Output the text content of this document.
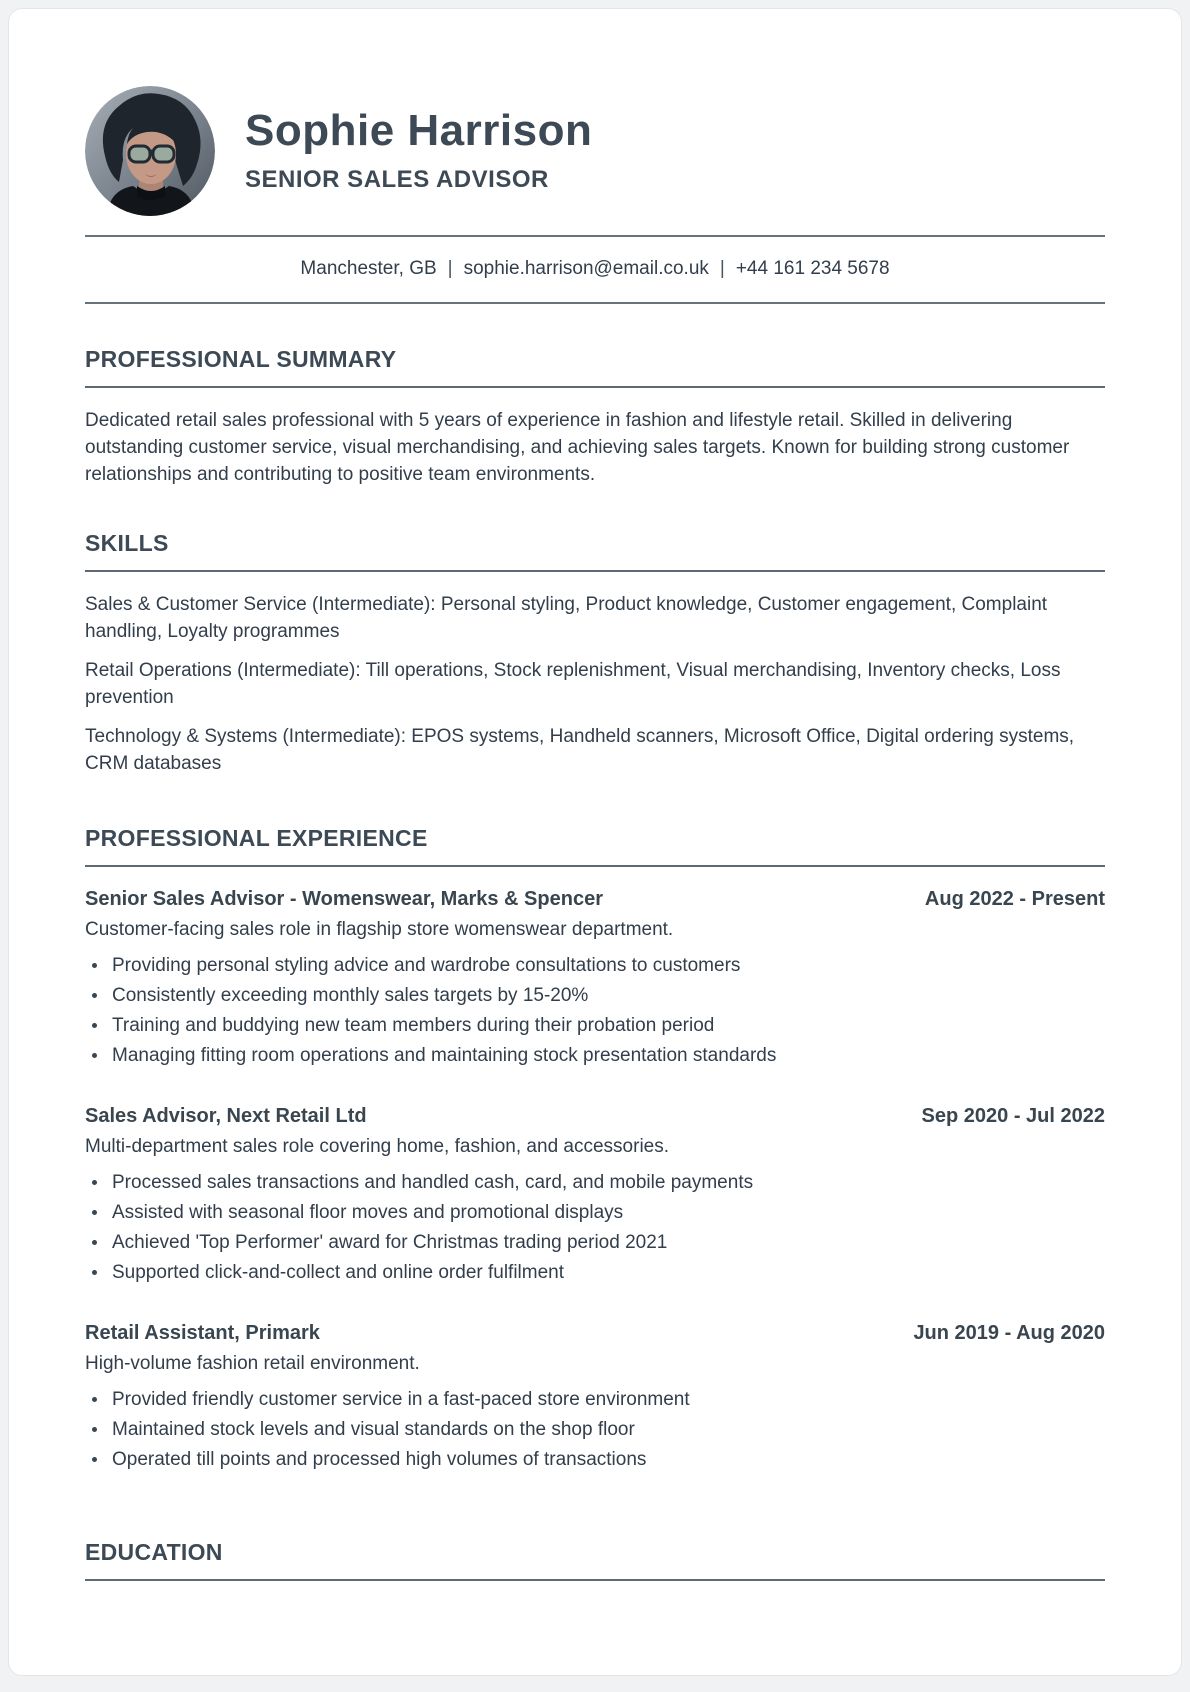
Sophie Harrison
SENIOR SALES ADVISOR
Manchester, GB | sophie.harrison@email.co.uk | +44 161 234 5678
PROFESSIONAL SUMMARY

Dedicated retail sales professional with 5 years of experience in fashion and lifestyle retail. Skilled in delivering outstanding customer service, visual merchandising, and achieving sales targets. Known for building strong customer relationships and contributing to positive team environments.

SKILLS

Sales & Customer Service (Intermediate): Personal styling, Product knowledge, Customer engagement, Complaint handling, Loyalty programmes

Retail Operations (Intermediate): Till operations, Stock replenishment, Visual merchandising, Inventory checks, Loss prevention

Technology & Systems (Intermediate): EPOS systems, Handheld scanners, Microsoft Office, Digital ordering systems, CRM databases

PROFESSIONAL EXPERIENCE
Senior Sales Advisor - Womenswear, Marks & Spencer	Aug 2022 - Present

Customer-facing sales role in flagship store womenswear department.

Providing personal styling advice and wardrobe consultations to customers
Consistently exceeding monthly sales targets by 15-20%
Training and buddying new team members during their probation period
Managing fitting room operations and maintaining stock presentation standards
Sales Advisor, Next Retail Ltd	Sep 2020 - Jul 2022

Multi-department sales role covering home, fashion, and accessories.

Processed sales transactions and handled cash, card, and mobile payments
Assisted with seasonal floor moves and promotional displays
Achieved 'Top Performer' award for Christmas trading period 2021
Supported click-and-collect and online order fulfilment
Retail Assistant, Primark	Jun 2019 - Aug 2020

High-volume fashion retail environment.

Provided friendly customer service in a fast-paced store environment
Maintained stock levels and visual standards on the shop floor
Operated till points and processed high volumes of transactions
EDUCATION
